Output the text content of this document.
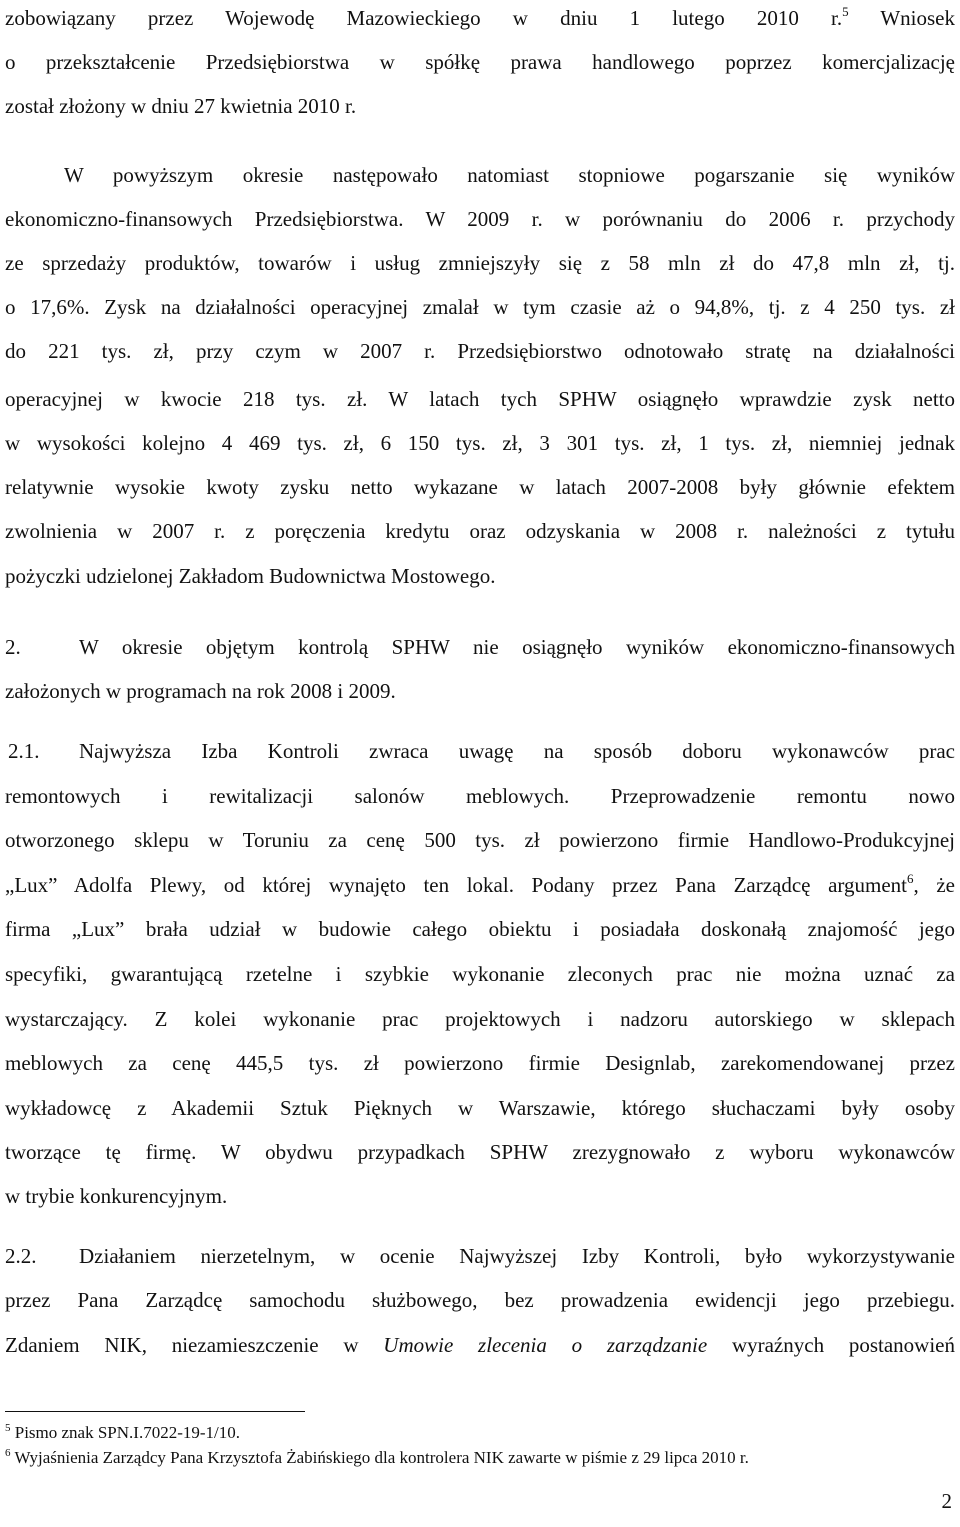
zobowiązany przez Wojewodę Mazowieckiego w dniu 1 lutego 2010 r.$^5$ Wniosek
o przekształcenie Przedsiębiorstwa w spółkę prawa handlowego poprzez komercjalizację
został złożony w dniu 27 kwietnia 2010 r.
W powyższym okresie następowało natomiast stopniowe pogarszanie się wyników
ekonomiczno-finansowych Przedsiębiorstwa. W 2009 r. w porównaniu do 2006 r. przychody
ze sprzedaży produktów, towarów i usług zmniejszyły się z 58 mln zł do 47,8 mln zł, tj.
o 17,6%. Zysk na działalności operacyjnej zmalał w tym czasie aż o 94,8%, tj. z 4 250 tys. zł
do 221 tys. zł, przy czym w 2007 r. Przedsiębiorstwo odnotowało stratę na działalności
operacyjnej w kwocie 218 tys. zł. W latach tych SPHW osiągnęło wprawdzie zysk netto
w wysokości kolejno 4 469 tys. zł, 6 150 tys. zł, 3 301 tys. zł, 1 tys. zł, niemniej jednak
relatywnie wysokie kwoty zysku netto wykazane w latach 2007-2008 były głównie efektem
zwolnienia w 2007 r. z poręczenia kredytu oraz odzyskania w 2008 r. należności z tytułu
pożyczki udzielonej Zakładom Budownictwa Mostowego.
2.	W okresie objętym kontrolą SPHW nie osiągnęło wyników ekonomiczno-finansowych
założonych w programach na rok 2008 i 2009.
2.1. Najwyższa Izba Kontroli zwraca uwagę na sposób doboru wykonawców prac
remontowych i rewitalizacji salonów meblowych. Przeprowadzenie remontu nowo
otworzonego sklepu w Toruniu za cenę 500 tys. zł powierzono firmie Handlowo-Produkcyjnej
„Lux” Adolfa Plewy, od której wynajęto ten lokal. Podany przez Pana Zarządcę argument$^6$, że
firma „Lux” brała udział w budowie całego obiektu i posiadała doskonałą znajomość jego
specyfiki, gwarantującą rzetelne i szybkie wykonanie zleconych prac nie można uznać za
wystarczający. Z kolei wykonanie prac projektowych i nadzoru autorskiego w sklepach
meblowych za cenę 445,5 tys. zł powierzono firmie Designlab, zarekomendowanej przez
wykładowcę z Akademii Sztuk Pięknych w Warszawie, którego słuchaczami były osoby
tworzące tę firmę. W obydwu przypadkach SPHW zrezygnowało z wyboru wykonawców
w trybie konkurencyjnym.
2.2. Działaniem nierzetelnym, w ocenie Najwyższej Izby Kontroli, było wykorzystywanie
przez Pana Zarządcę samochodu służbowego, bez prowadzenia ewidencji jego przebiegu.
Zdaniem NIK, niezamieszczenie w Umowie zlecenia o zarządzanie wyraźnych postanowień
$^5$ Pismo znak SPN.I.7022-19-1/10.
$^6$ Wyjaśnienia Zarządcy Pana Krzysztofa Żabińskiego dla kontrolera NIK zawarte w piśmie z 29 lipca 2010 r.
2
